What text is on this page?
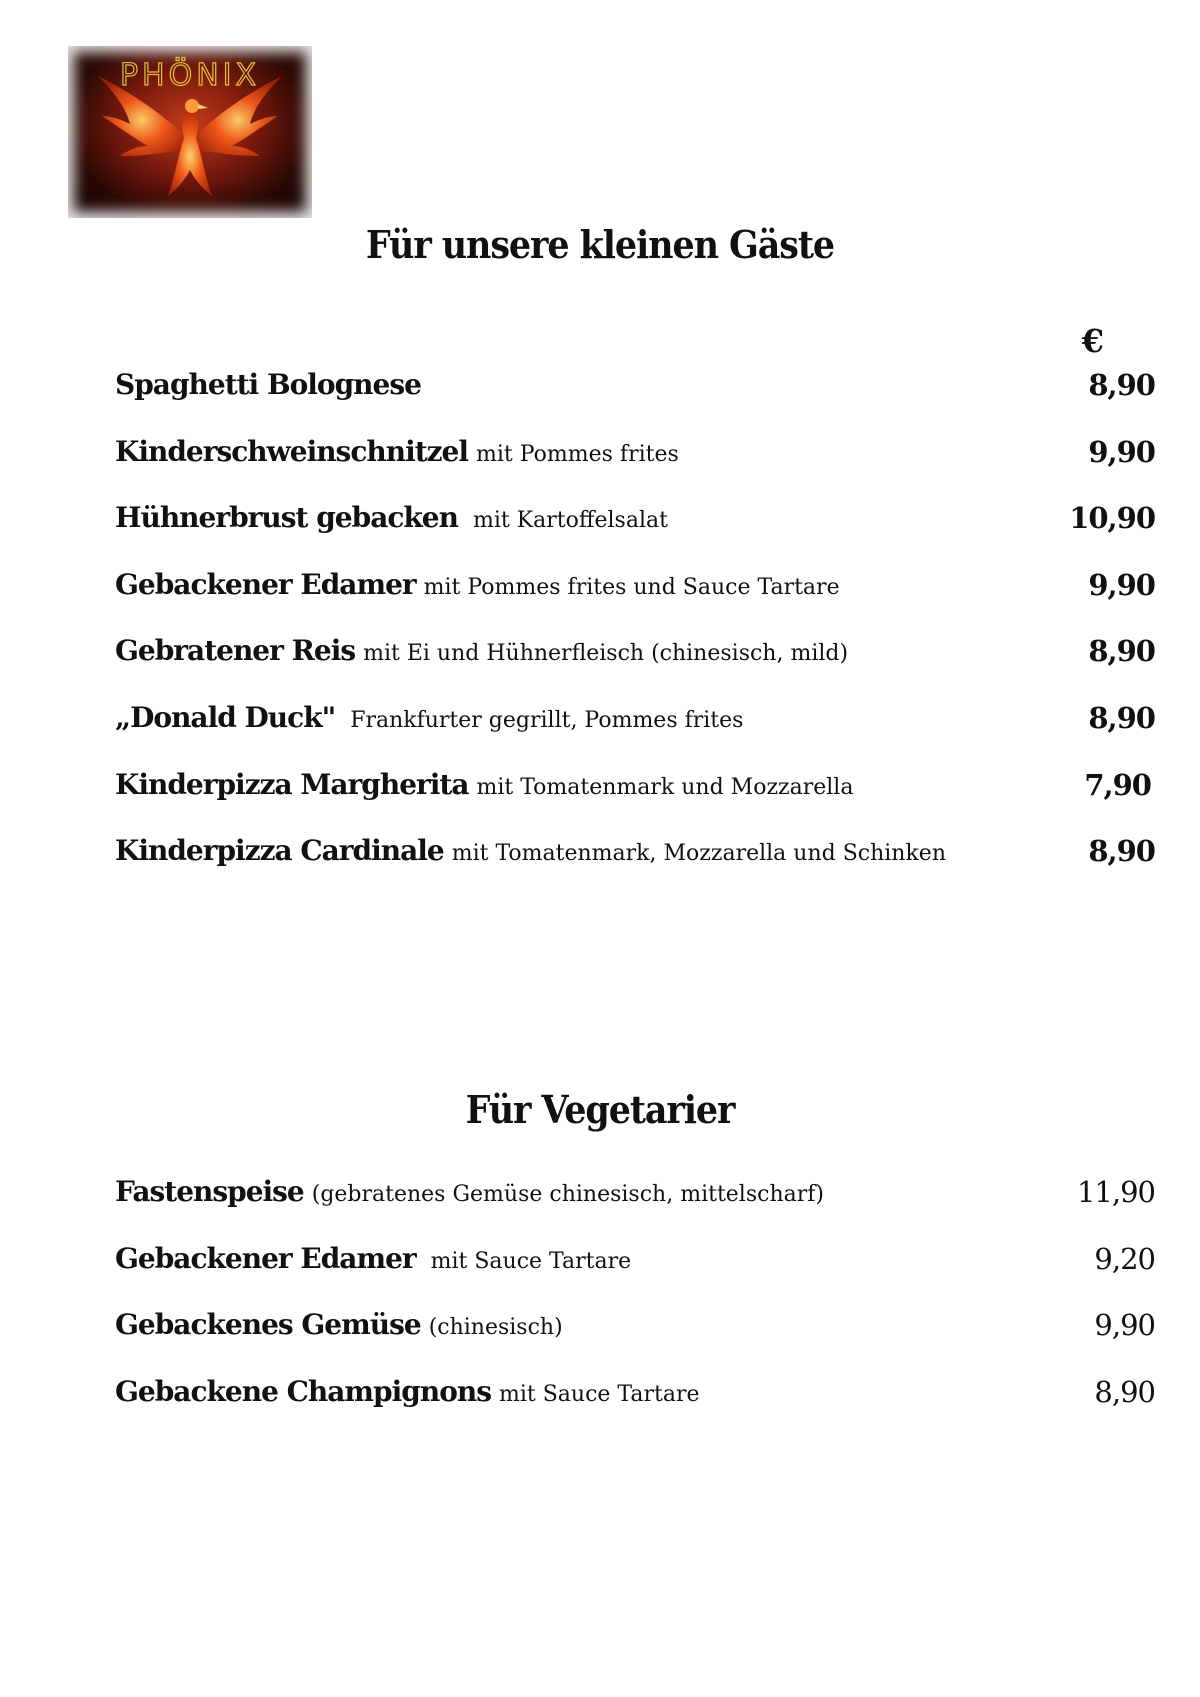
PHÖNIX
Für unsere kleinen Gäste
€
Spaghetti Bolognese	8,90
Kinderschweinschnitzel mit Pommes frites	9,90
Hühnerbrust gebacken mit Kartoffelsalat	10,90
Gebackener Edamer mit Pommes frites und Sauce Tartare	9,90
Gebratener Reis mit Ei und Hühnerfleisch (chinesisch, mild)	8,90
„Donald Duck" Frankfurter gegrillt, Pommes frites	8,90
Kinderpizza Margherita mit Tomatenmark und Mozzarella	7,90
Kinderpizza Cardinale mit Tomatenmark, Mozzarella und Schinken	8,90
Für Vegetarier
Fastenspeise (gebratenes Gemüse chinesisch, mittelscharf)	11,90
Gebackener Edamer mit Sauce Tartare	9,20
Gebackenes Gemüse (chinesisch)	9,90
Gebackene Champignons mit Sauce Tartare	8,90
